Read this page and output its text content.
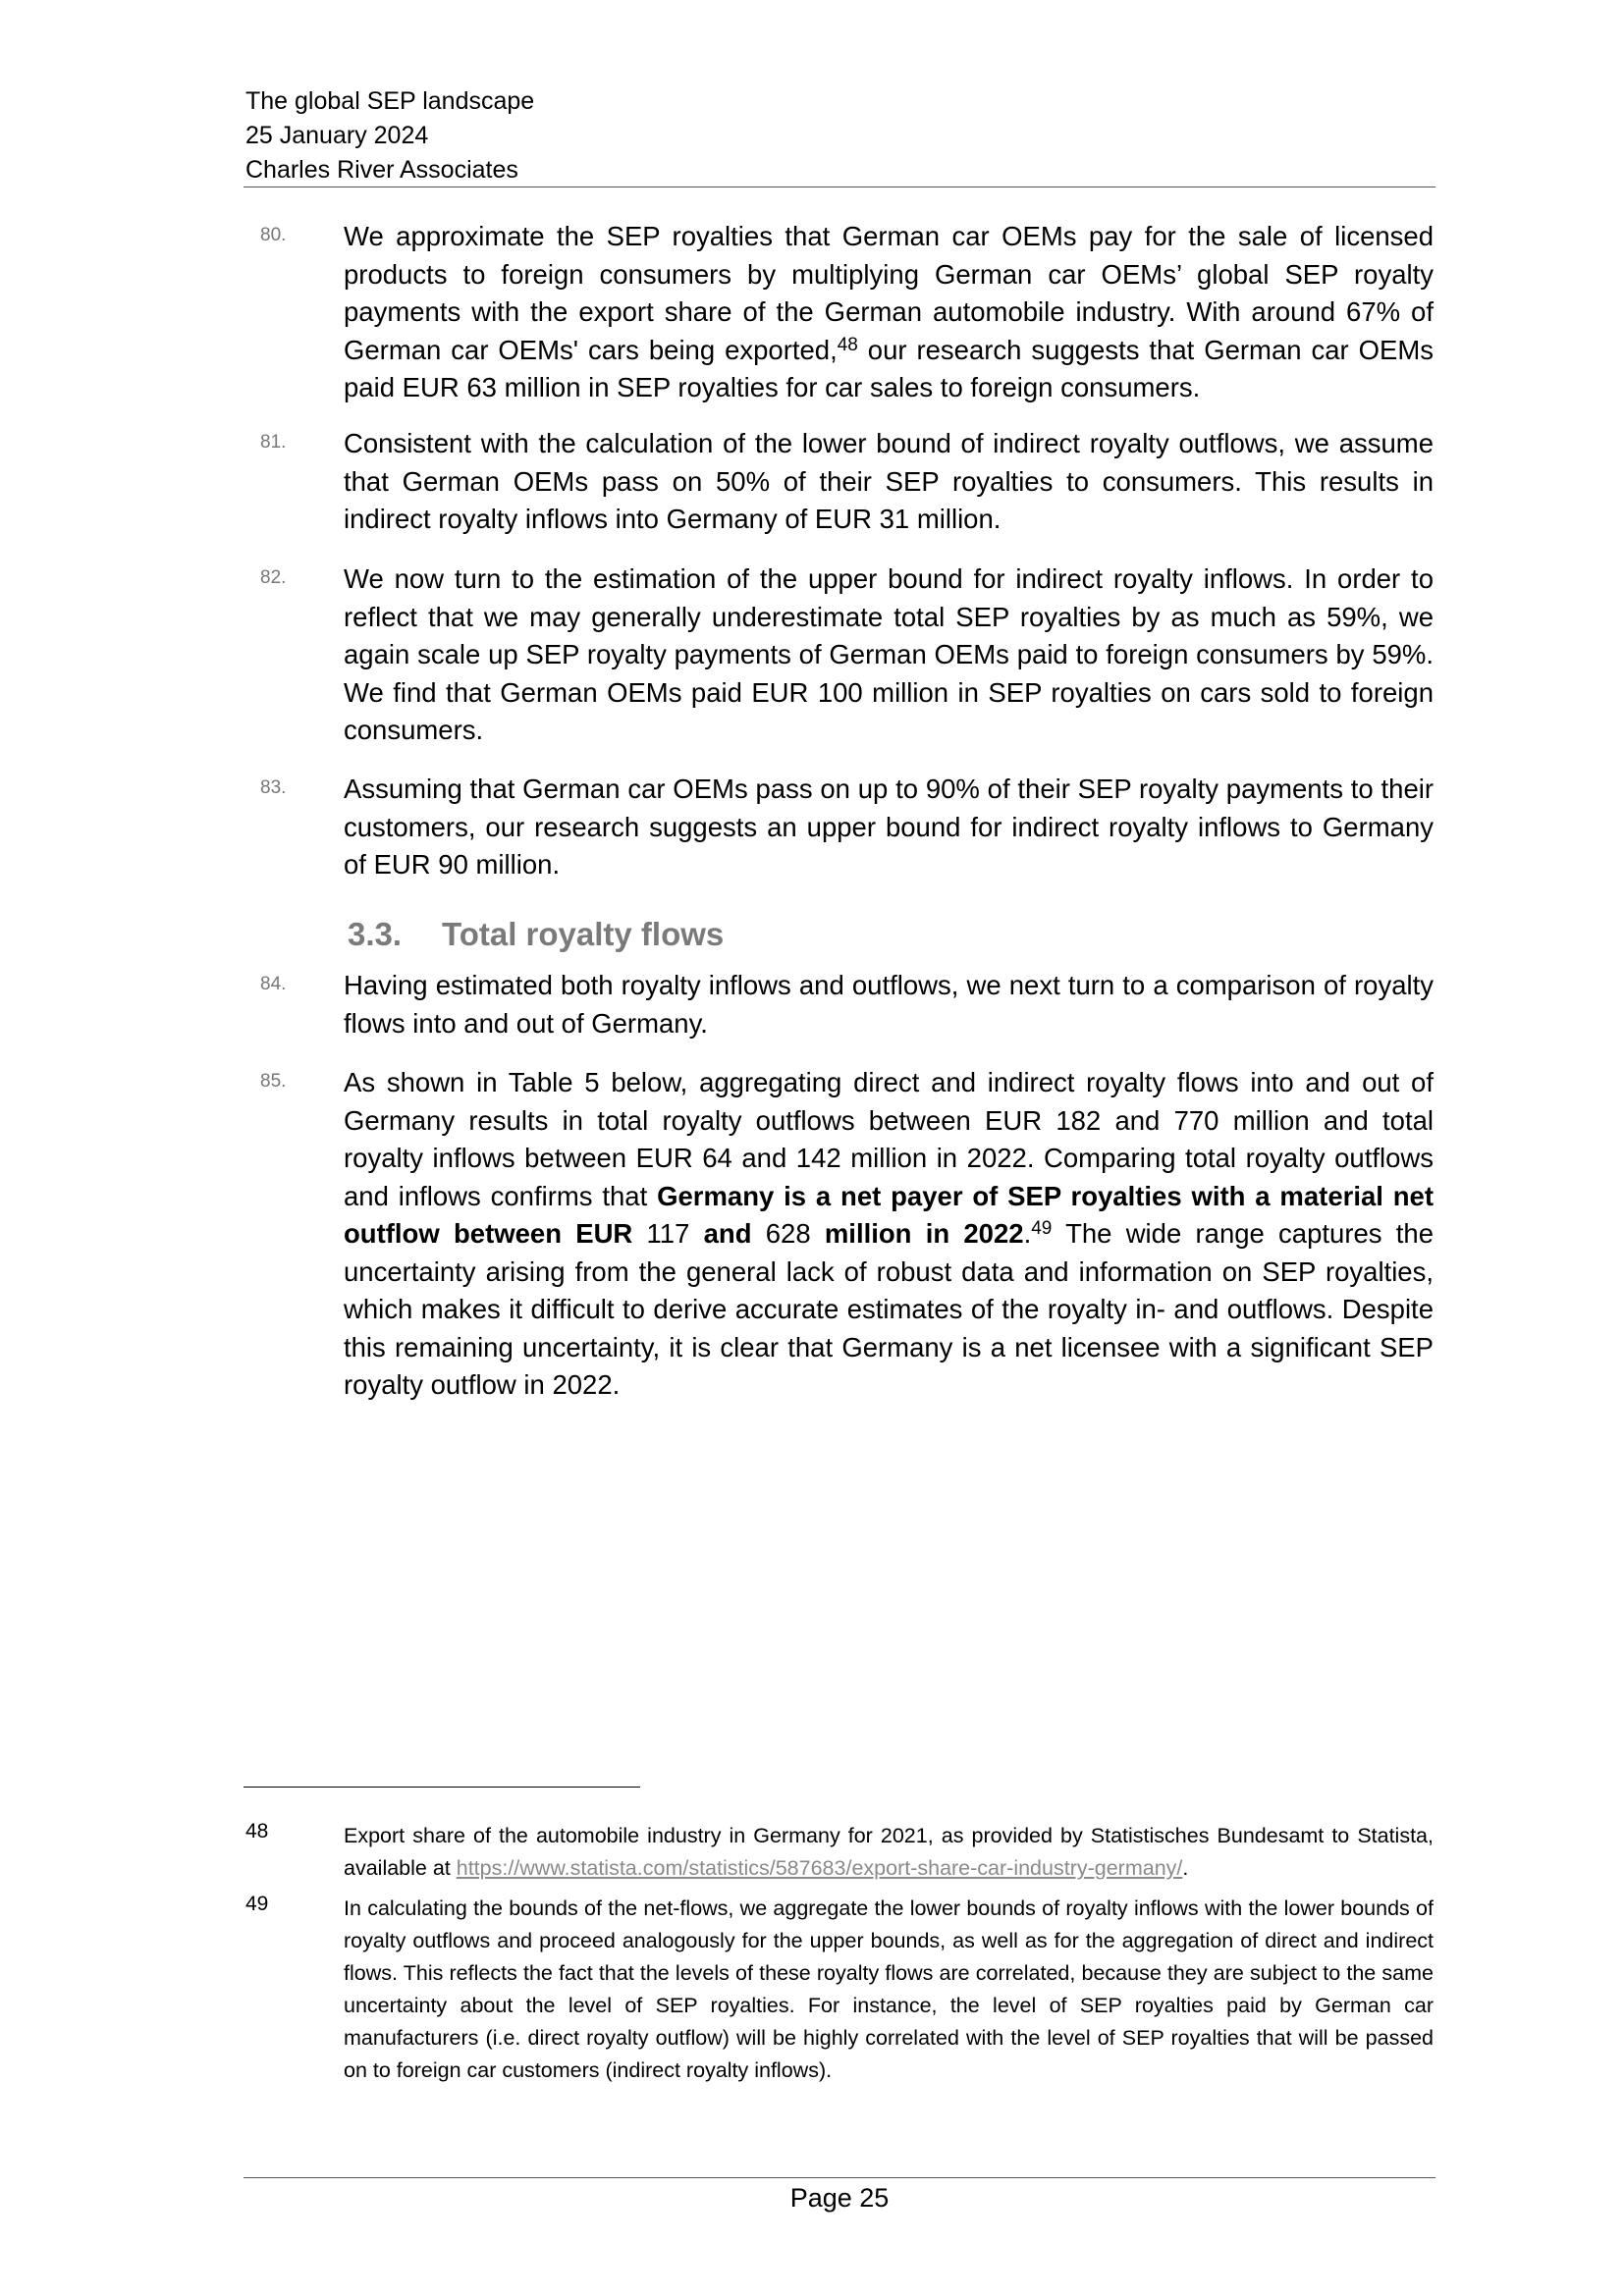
The global SEP landscape
25 January 2024
Charles River Associates
80. We approximate the SEP royalties that German car OEMs pay for the sale of licensed products to foreign consumers by multiplying German car OEMs’ global SEP royalty payments with the export share of the German automobile industry. With around 67% of German car OEMs' cars being exported,$^{48}$ our research suggests that German car OEMs paid EUR 63 million in SEP royalties for car sales to foreign consumers.
81. Consistent with the calculation of the lower bound of indirect royalty outflows, we assume that German OEMs pass on 50% of their SEP royalties to consumers. This results in indirect royalty inflows into Germany of EUR 31 million.
82. We now turn to the estimation of the upper bound for indirect royalty inflows. In order to reflect that we may generally underestimate total SEP royalties by as much as 59%, we again scale up SEP royalty payments of German OEMs paid to foreign consumers by 59%. We find that German OEMs paid EUR 100 million in SEP royalties on cars sold to foreign consumers.
83. Assuming that German car OEMs pass on up to 90% of their SEP royalty payments to their customers, our research suggests an upper bound for indirect royalty inflows to Germany of EUR 90 million.
3.3. Total royalty flows
84. Having estimated both royalty inflows and outflows, we next turn to a comparison of royalty flows into and out of Germany.
85. As shown in Table 5 below, aggregating direct and indirect royalty flows into and out of Germany results in total royalty outflows between EUR 182 and 770 million and total royalty inflows between EUR 64 and 142 million in 2022. Comparing total royalty outflows and inflows confirms that Germany is a net payer of SEP royalties with a material net outflow between EUR 117 and 628 million in 2022.49 The wide range captures the uncertainty arising from the general lack of robust data and information on SEP royalties, which makes it difficult to derive accurate estimates of the royalty in- and outflows. Despite this remaining uncertainty, it is clear that Germany is a net licensee with a significant SEP royalty outflow in 2022.
48	Export share of the automobile industry in Germany for 2021, as provided by Statistisches Bundesamt to Statista, available at https://www.statista.com/statistics/587683/export-share-car-industry-germany/.
49	In calculating the bounds of the net-flows, we aggregate the lower bounds of royalty inflows with the lower bounds of royalty outflows and proceed analogously for the upper bounds, as well as for the aggregation of direct and indirect flows. This reflects the fact that the levels of these royalty flows are correlated, because they are subject to the same uncertainty about the level of SEP royalties. For instance, the level of SEP royalties paid by German car manufacturers (i.e. direct royalty outflow) will be highly correlated with the level of SEP royalties that will be passed on to foreign car customers (indirect royalty inflows).
Page 25
